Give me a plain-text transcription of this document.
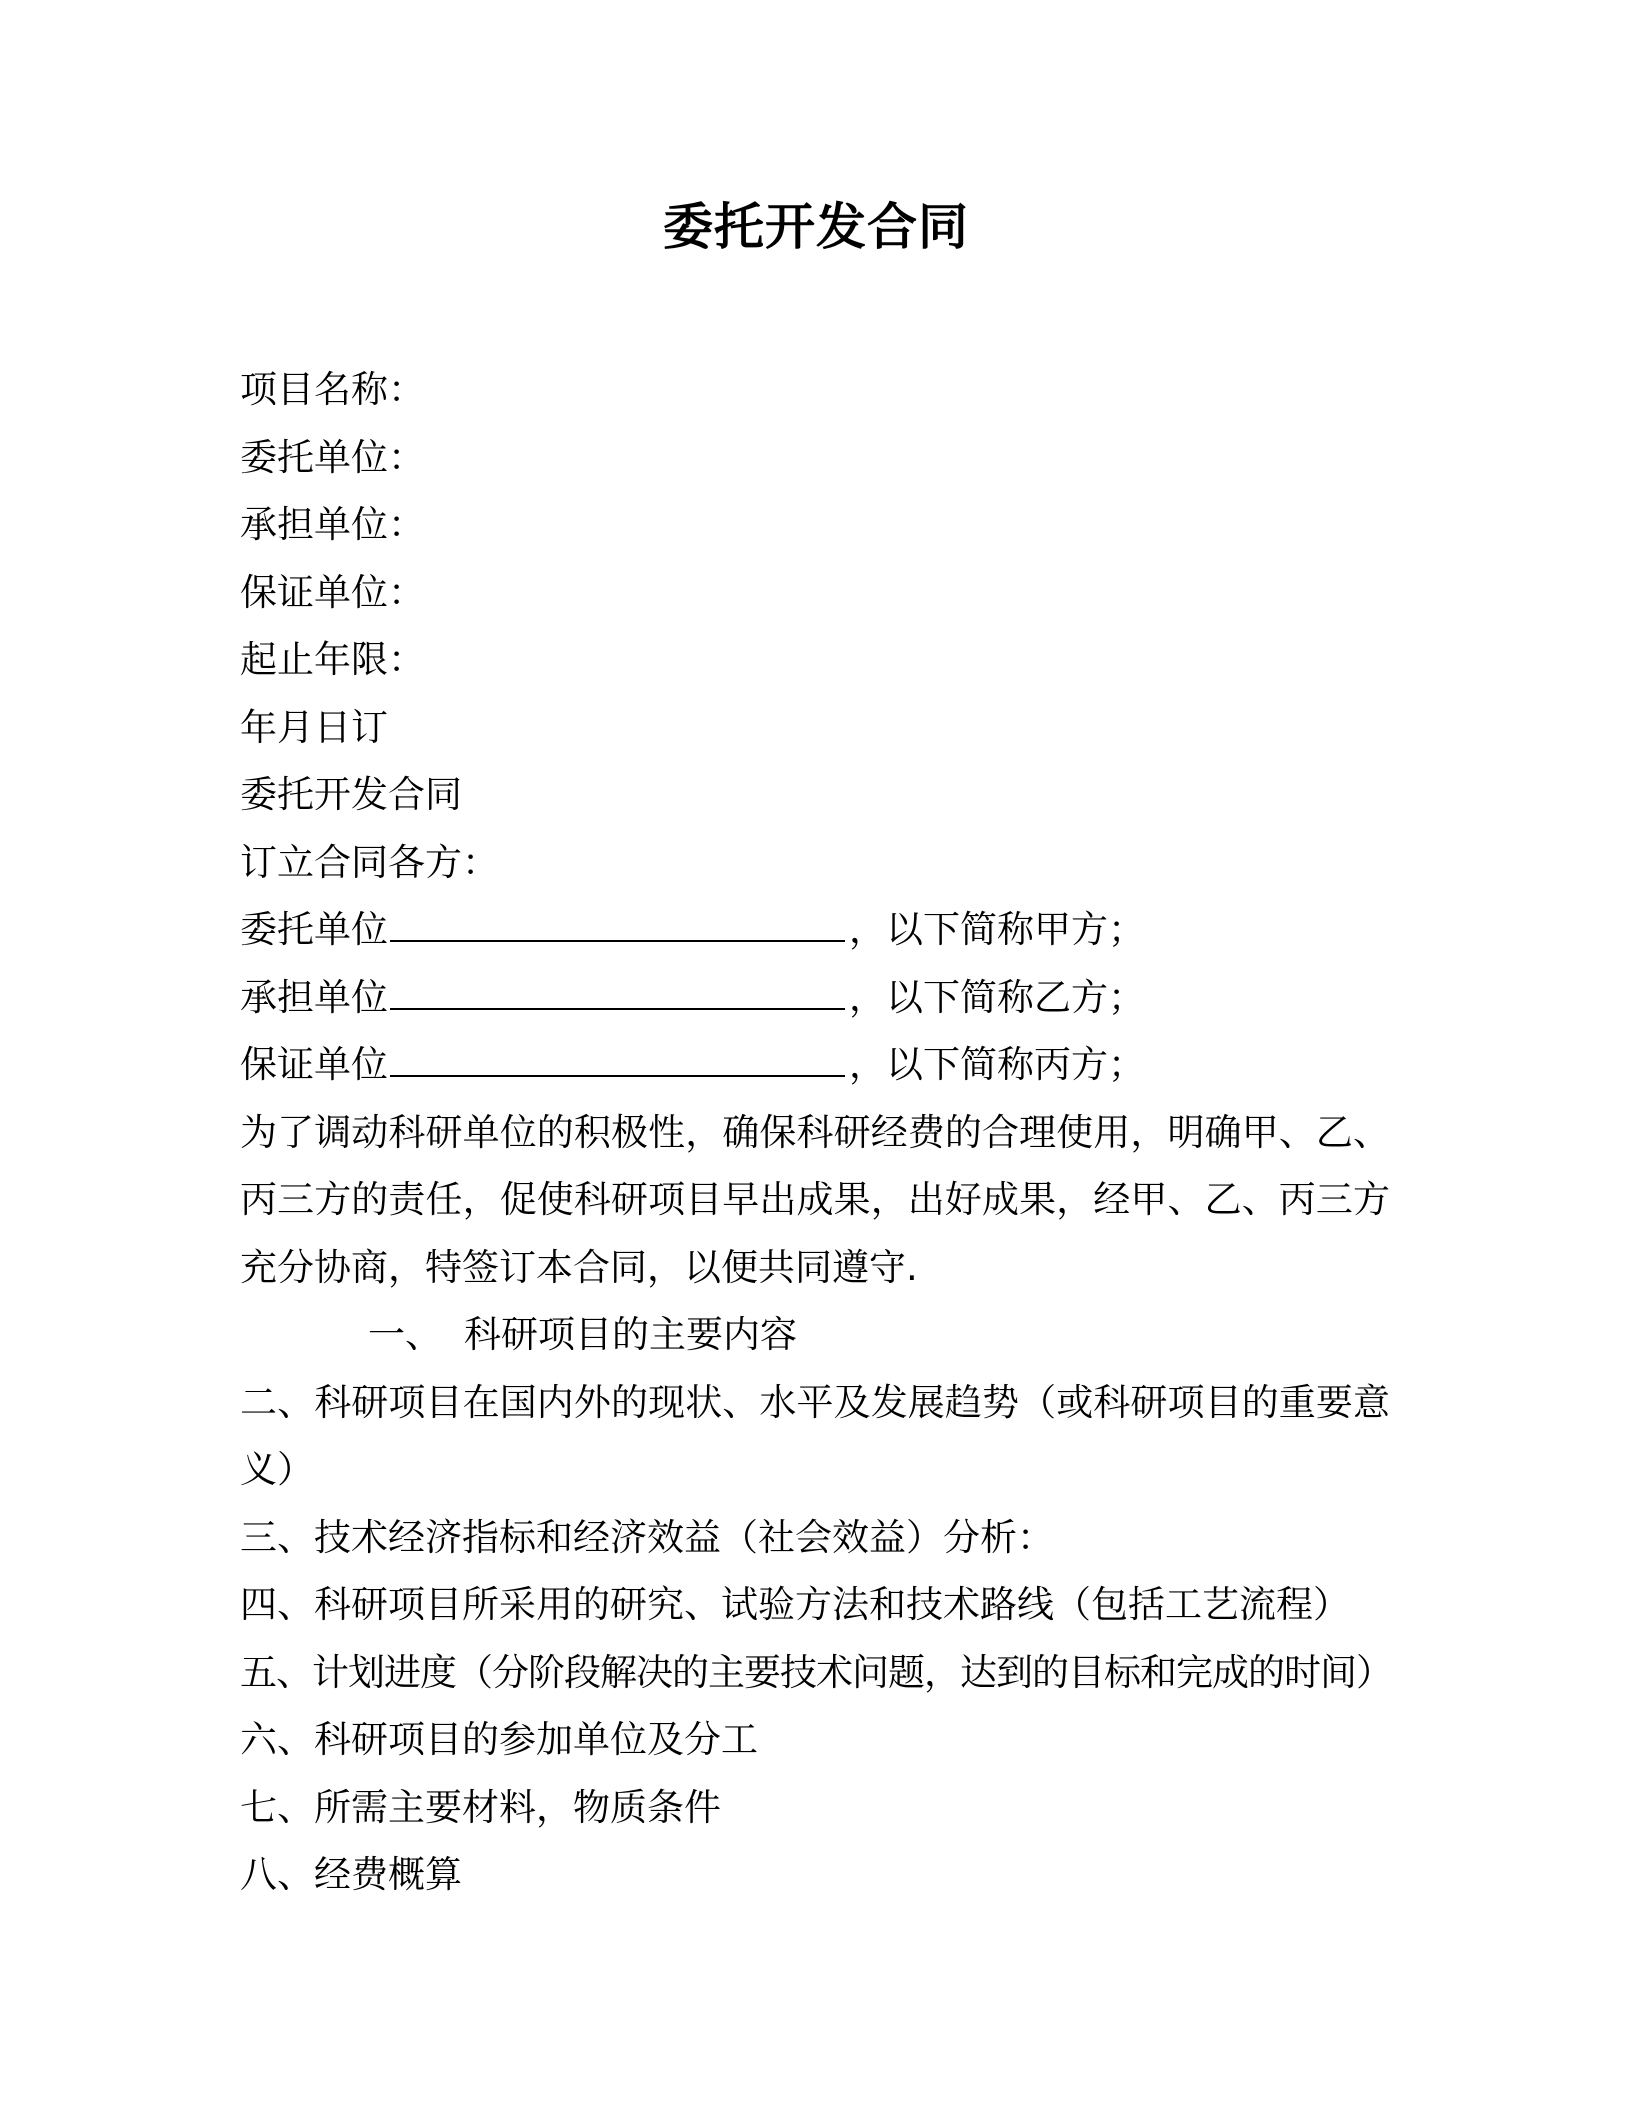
委托开发合同
项目名称：
委托单位：
承担单位：
保证单位：
起止年限：
年月日订
委托开发合同
订立合同各方：
委托单位	，以下简称甲方；
承担单位	，以下简称乙方；
保证单位	，以下简称丙方；
为了调动科研单位的积极性，确保科研经费的合理使用，明确甲、乙、丙三方的责任，促使科研项目早出成果，出好成果，经甲、乙、丙三方充分协商，特签订本合同，以便共同遵守.
一、 科研项目的主要内容
二、科研项目在国内外的现状、水平及发展趋势（或科研项目的重要意义）
三、技术经济指标和经济效益（社会效益）分析：
四、科研项目所采用的研究、试验方法和技术路线（包括工艺流程）
五、计划进度（分阶段解决的主要技术问题，达到的目标和完成的时间）
六、科研项目的参加单位及分工
七、所需主要材料，物质条件
八、经费概算
